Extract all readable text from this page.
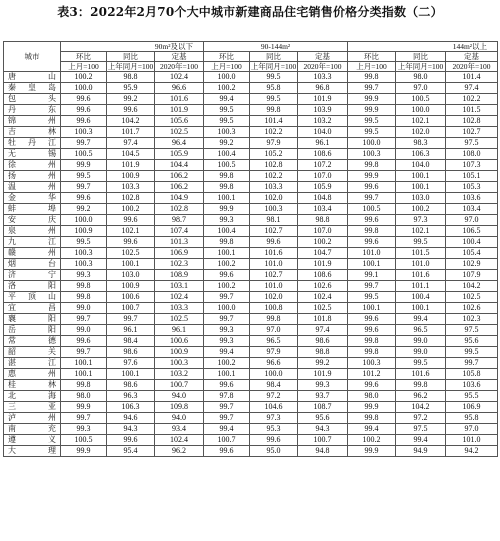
表3：2022年2月70个大中城市新建商品住宅销售价格分类指数（二）
城市	90m²及以下			90-144m²			144m²以上		
	环比	同比	定基	环比	同比	定基	环比	同比	定基
	上月=100	上年同月=100	2020年=100	上月=100	上年同月=100	2020年=100	上月=100	上年同月=100	2020年=100
唐 山	100.2	98.8	102.4	100.0	99.5	103.3	99.8	98.0	101.4
秦皇岛	100.0	95.9	96.6	100.2	95.8	96.8	99.7	97.0	97.4
包 头	99.6	99.2	101.6	99.4	99.5	101.9	99.9	100.5	102.2
丹 东	99.6	99.6	101.9	99.5	99.8	103.9	99.9	100.0	101.5
锦 州	99.6	104.2	105.6	99.5	101.4	103.2	99.5	102.1	102.8
吉 林	100.3	101.7	102.5	100.3	102.2	104.0	99.5	102.0	102.7
牡丹江	99.7	97.4	96.4	99.2	97.9	96.1	100.0	98.3	97.5
无 锡	100.5	104.5	105.9	100.4	105.2	108.6	100.3	106.3	108.0
徐 州	99.9	101.9	104.4	100.5	102.8	107.2	99.8	104.0	107.3
扬 州	99.5	100.9	106.2	99.8	102.2	107.0	99.9	100.1	105.1
温 州	99.7	103.3	106.2	99.8	103.3	105.9	99.6	100.1	105.3
金 华	99.6	102.8	104.9	100.1	102.0	104.8	99.7	103.0	103.6
蚌 埠	99.2	100.2	102.8	99.9	100.3	103.4	100.5	100.2	103.4
安 庆	100.0	99.6	98.7	99.3	98.1	98.8	99.6	97.3	97.0
泉 州	100.9	102.1	107.4	100.4	102.7	107.0	99.8	102.1	106.5
九 江	99.5	99.6	101.3	99.8	99.6	100.2	99.6	99.5	100.4
赣 州	100.3	102.5	106.9	100.1	101.6	104.7	101.0	101.5	105.4
烟 台	100.3	100.1	102.3	100.2	101.0	101.9	100.1	101.0	102.9
济 宁	99.3	103.0	108.9	99.6	102.7	108.6	99.1	101.6	107.9
洛 阳	99.8	100.9	103.1	100.2	101.0	102.6	99.7	101.1	104.2
平顶山	99.8	100.6	102.4	99.7	102.0	102.4	99.5	100.4	102.5
宜 昌	99.0	100.7	103.3	100.0	100.8	102.5	100.1	100.1	102.6
襄 阳	99.7	99.7	102.5	99.7	99.8	101.8	99.6	99.4	102.3
岳 阳	99.0	96.1	96.1	99.3	97.0	97.4	99.6	96.5	97.5
常 德	99.6	98.4	100.6	99.3	96.5	98.6	99.8	99.0	95.6
韶 关	99.7	98.6	100.9	99.4	97.9	98.8	99.8	99.0	99.5
湛 江	100.1	97.6	100.3	100.2	96.6	99.2	100.3	99.5	99.7
惠 州	100.1	100.1	103.2	100.1	100.0	101.9	101.2	101.6	105.8
桂 林	99.8	98.6	100.7	99.6	98.4	99.3	99.6	99.8	103.6
北 海	98.0	96.3	94.0	97.8	97.2	93.7	98.0	96.2	95.5
三 亚	99.9	106.3	109.8	99.7	104.6	108.7	99.9	104.2	106.9
泸 州	99.7	94.6	94.0	99.7	97.3	95.6	99.8	97.2	95.8
南 充	99.3	94.3	93.4	99.4	95.3	94.3	99.4	97.5	97.0
遵 义	100.5	99.6	102.4	100.7	99.6	100.7	100.2	99.4	101.0
大 理	99.9	95.4	96.2	99.6	95.0	94.8	99.9	94.9	94.2
